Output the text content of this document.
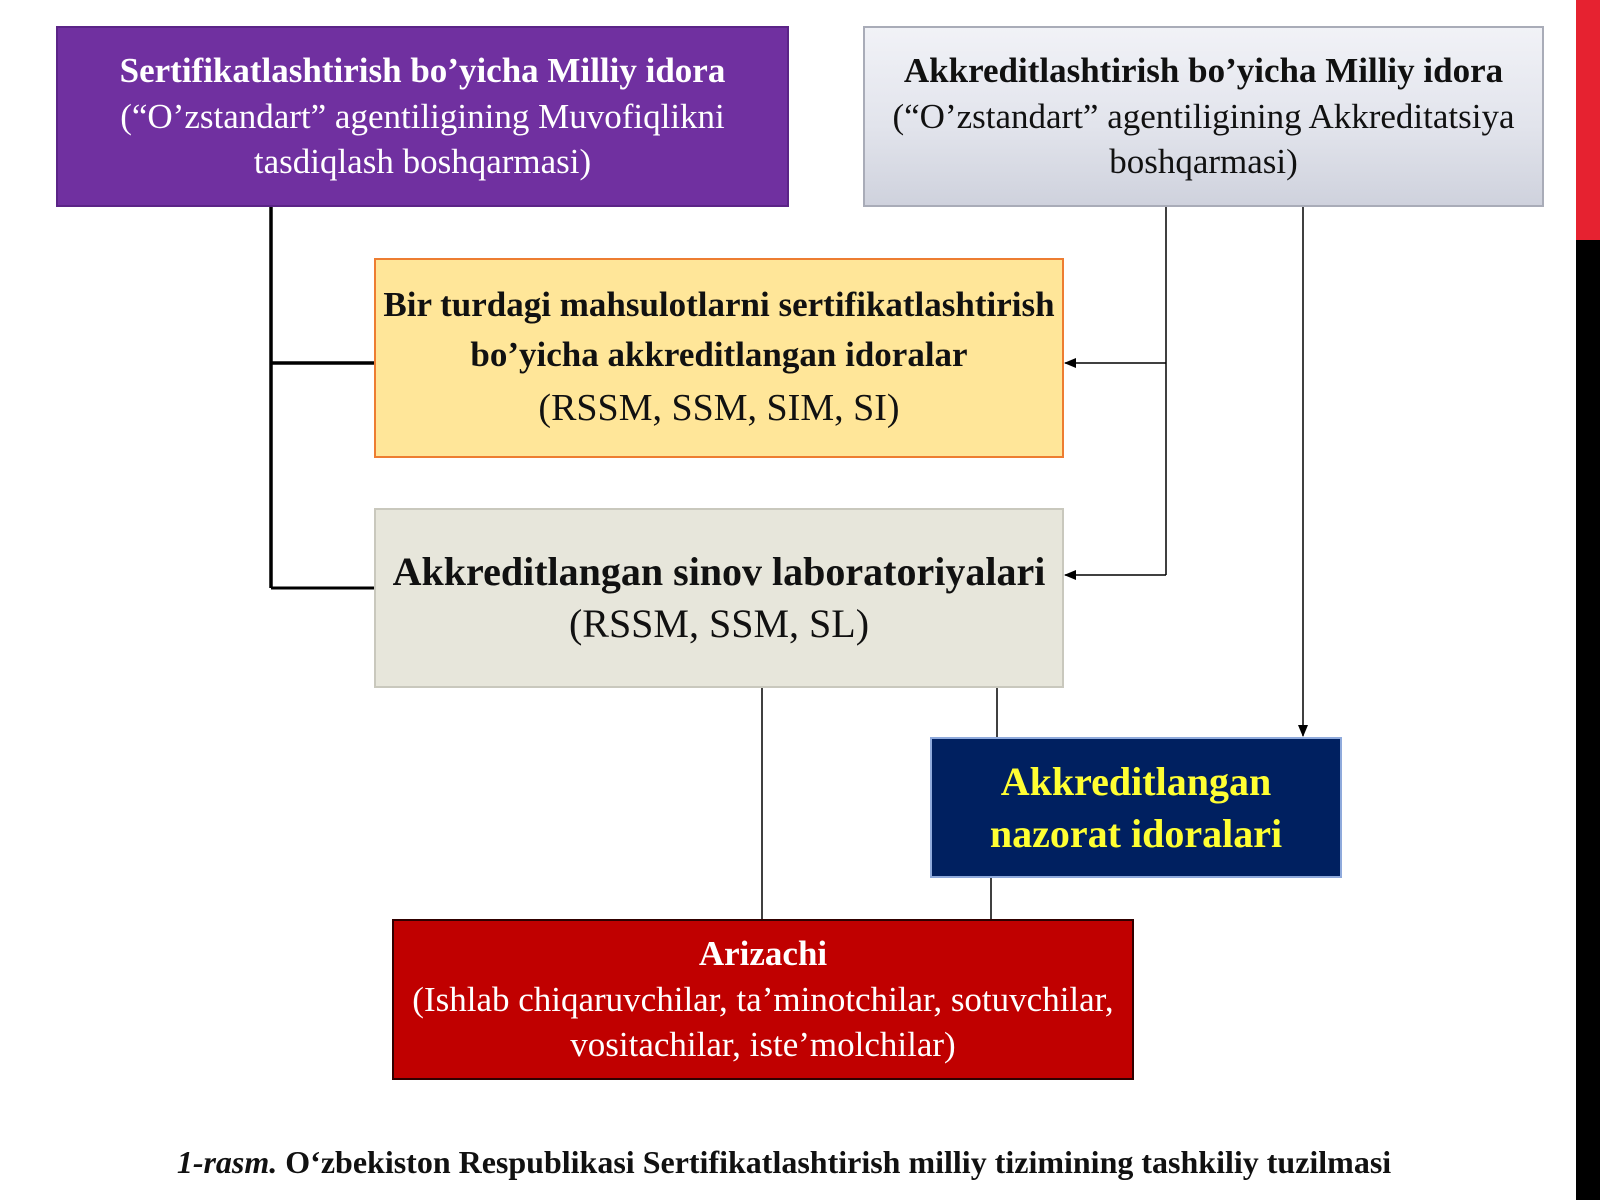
Sertifikatlashtirish bo’yicha Milliy idora
(“O’zstandart” agentiligining Muvofiqlikni tasdiqlash boshqarmasi)
Akkreditlashtirish bo’yicha Milliy idora
(“O’zstandart” agentiligining Akkreditatsiya boshqarmasi)
Bir turdagi mahsulotlarni sertifikatlashtirish bo’yicha akkreditlangan idoralar
(RSSM, SSM, SIM, SI)
Akkreditlangan sinov laboratoriyalari
(RSSM, SSM, SL)
Akkreditlangan nazorat idoralari
Arizachi
(Ishlab chiqaruvchilar, ta’minotchilar, sotuvchilar, vositachilar, iste’molchilar)
1-rasm. O‘zbekiston Respublikasi Sertifikatlashtirish milliy tizimining tashkiliy tuzilmasi
